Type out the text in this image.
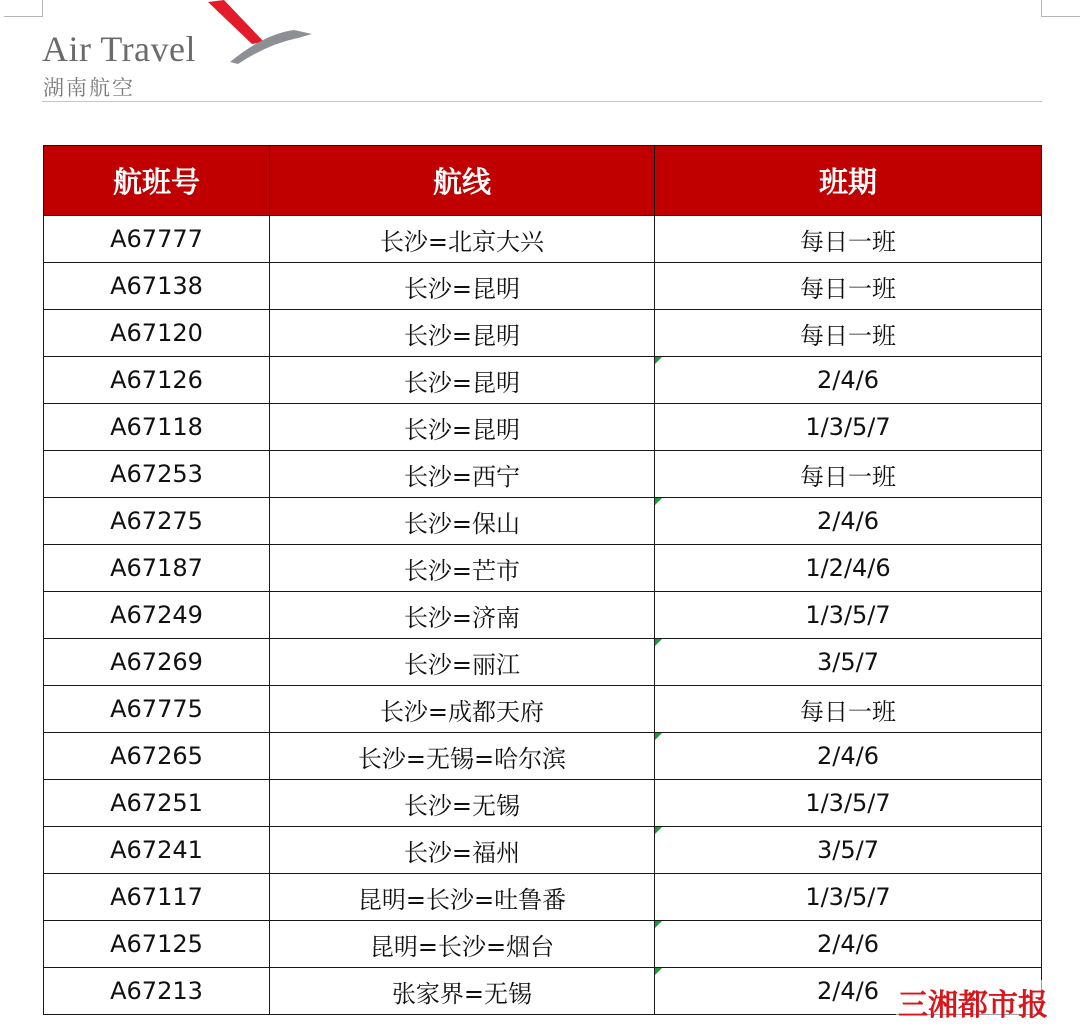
Air Travel
湖南航空
航班号	航线	班期
A67777	长沙=北京大兴	每日一班
A67138	长沙=昆明	每日一班
A67120	长沙=昆明	每日一班
A67126	长沙=昆明	2/4/6
A67118	长沙=昆明	1/3/5/7
A67253	长沙=西宁	每日一班
A67275	长沙=保山	2/4/6
A67187	长沙=芒市	1/2/4/6
A67249	长沙=济南	1/3/5/7
A67269	长沙=丽江	3/5/7
A67775	长沙=成都天府	每日一班
A67265	长沙=无锡=哈尔滨	2/4/6
A67251	长沙=无锡	1/3/5/7
A67241	长沙=福州	3/5/7
A67117	昆明=长沙=吐鲁番	1/3/5/7
A67125	昆明=长沙=烟台	2/4/6
A67213	张家界=无锡	2/4/6 三湘都市报
